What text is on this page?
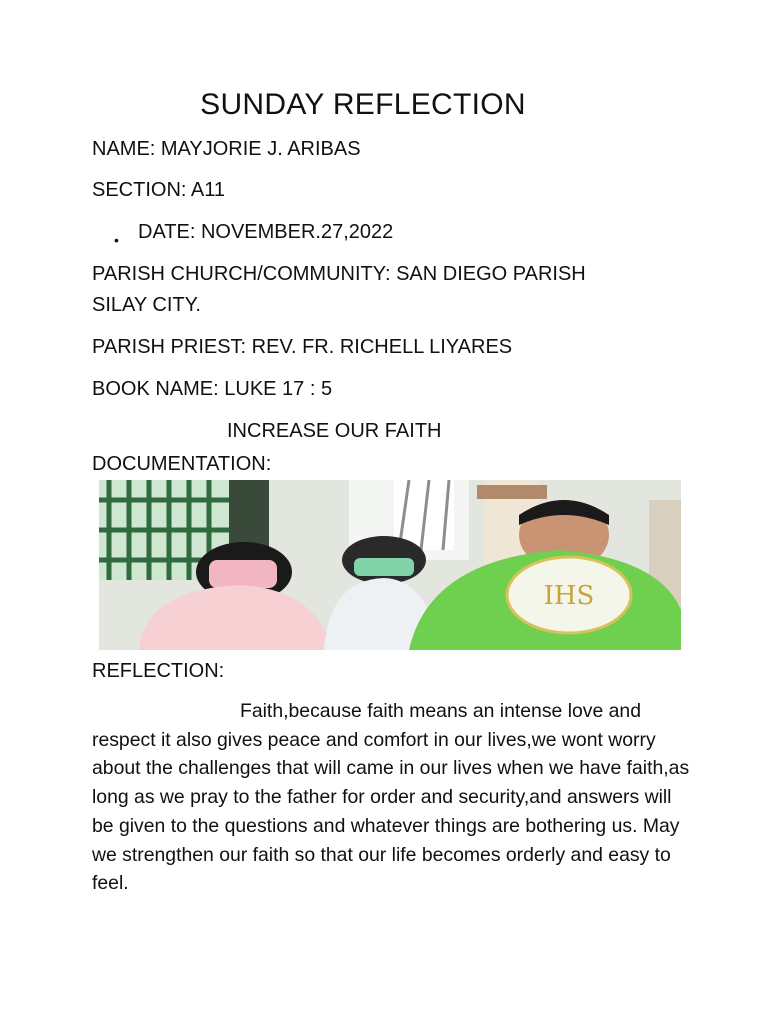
SUNDAY REFLECTION
NAME: MAYJORIE J. ARIBAS
SECTION: A11
• DATE: NOVEMBER.27,2022
PARISH CHURCH/COMMUNITY: SAN DIEGO PARISH
SILAY CITY.
PARISH PRIEST: REV. FR. RICHELL LIYARES
BOOK NAME: LUKE 17 : 5
INCREASE OUR FAITH
DOCUMENTATION:
IHS
REFLECTION:
Faith,because faith means an intense love and respect it also gives peace and comfort in our lives,we wont worry about the challenges that will came in our lives when we have faith,as long as we pray to the father for order and security,and answers will be given to the questions and whatever things are bothering us. May we strengthen our faith so that our life becomes orderly and easy to feel.
